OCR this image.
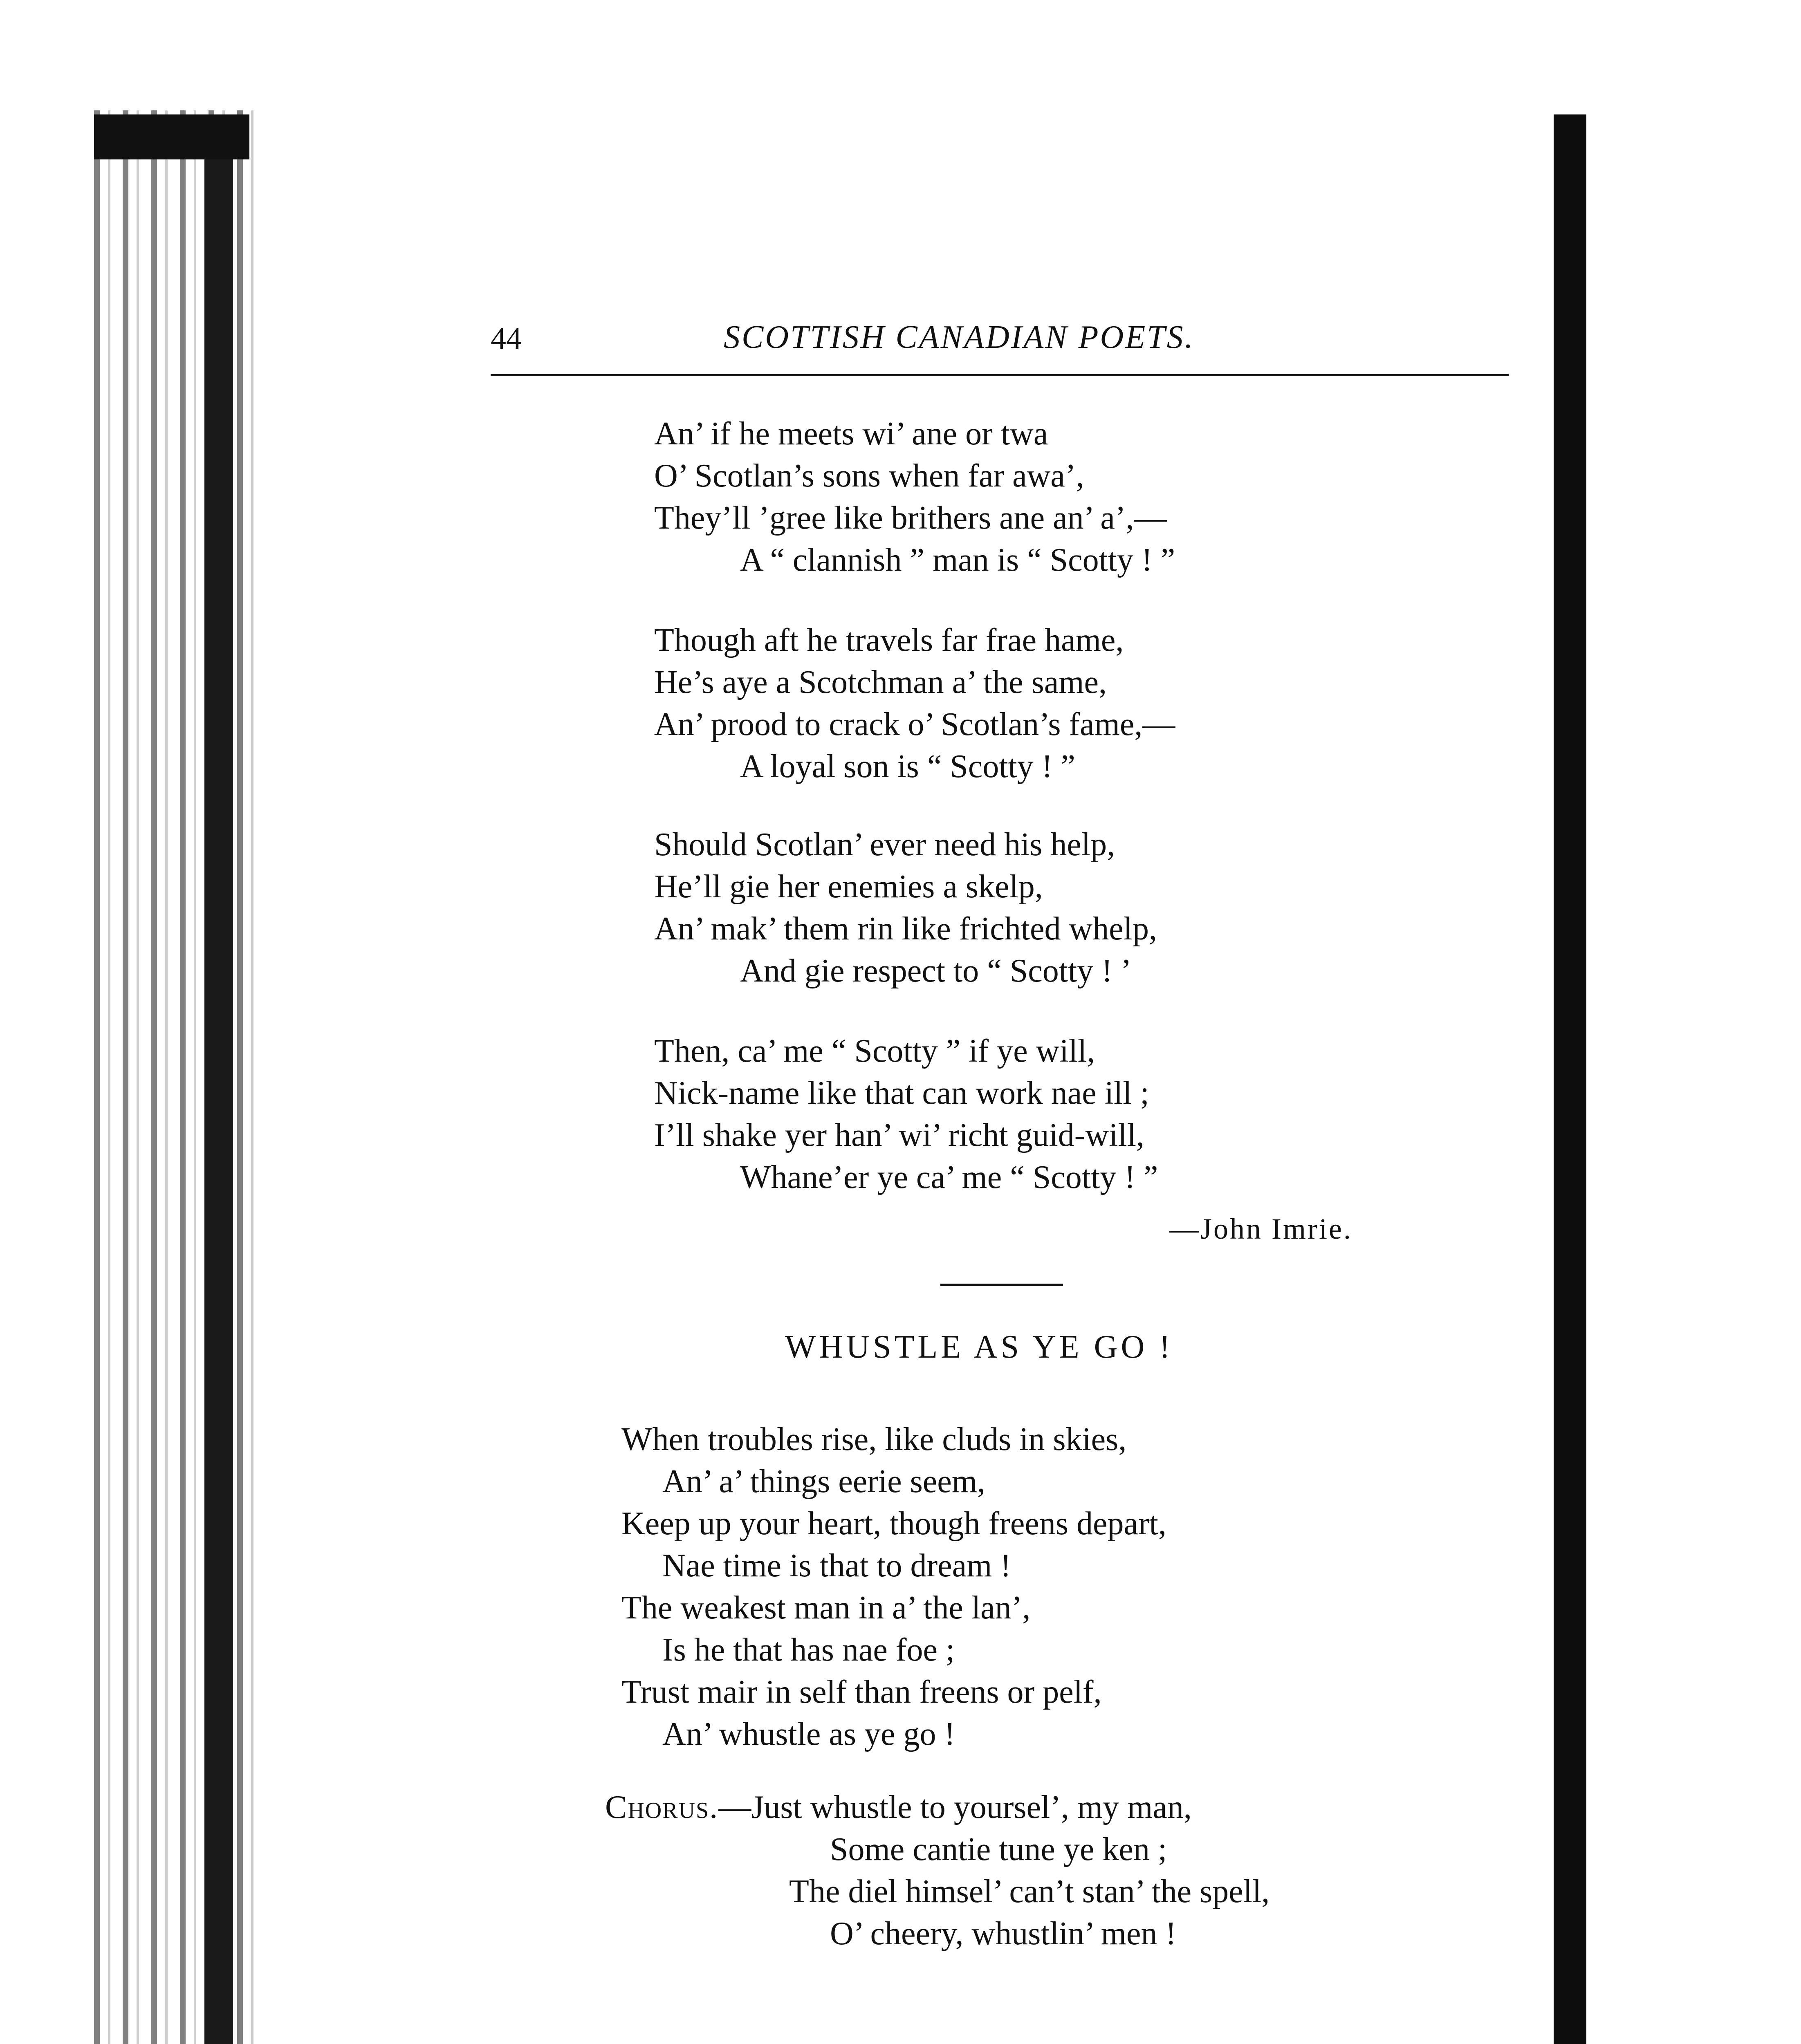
44	SCOTTISH CANADIAN POETS.
An’ if he meets wi’ ane or twa
O’ Scotlan’s sons when far awa’,
They’ll ’gree like brithers ane an’ a’,—
A “ clannish ” man is “ Scotty ! ”
Though aft he travels far frae hame,
He’s aye a Scotchman a’ the same,
An’ prood to crack o’ Scotlan’s fame,—
A loyal son is “ Scotty ! ”
Should Scotlan’ ever need his help,
He’ll gie her enemies a skelp,
An’ mak’ them rin like frichted whelp,
And gie respect to “ Scotty ! ’
Then, ca’ me “ Scotty ” if ye will,
Nick-name like that can work nae ill ;
I’ll shake yer han’ wi’ richt guid-will,
Whane’er ye ca’ me “ Scotty ! ”
—John Imrie.
WHUSTLE AS YE GO !
When troubles rise, like cluds in skies,
An’ a’ things eerie seem,
Keep up your heart, though freens depart,
Nae time is that to dream !
The weakest man in a’ the lan’,
Is he that has nae foe ;
Trust mair in self than freens or pelf,
An’ whustle as ye go !
Chorus.—Just whustle to yoursel’, my man,
Some cantie tune ye ken ;
The diel himsel’ can’t stan’ the spell,
O’ cheery, whustlin’ men !
